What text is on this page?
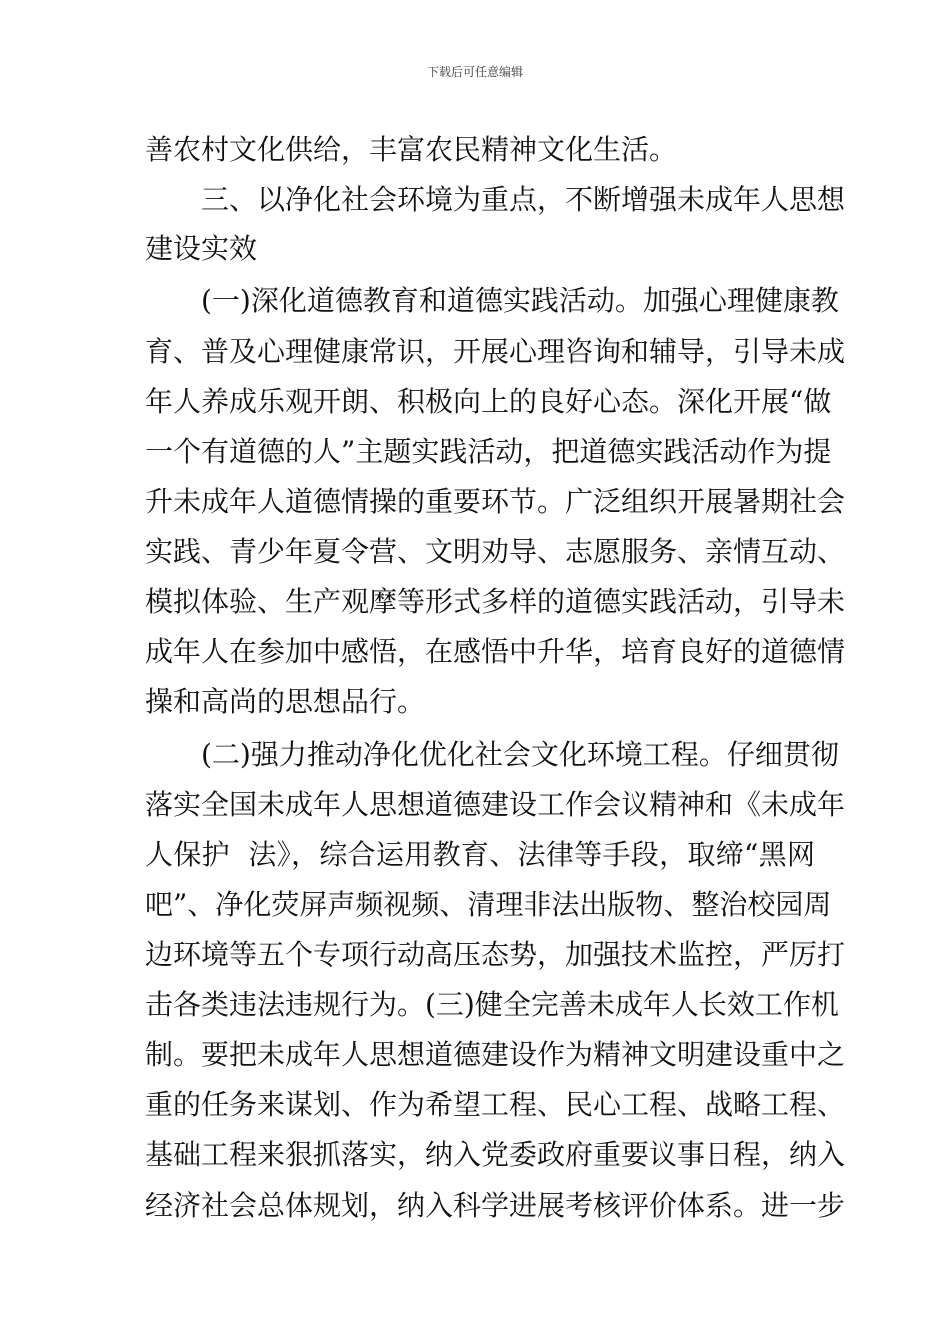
下载后可任意编辑
善农村文化供给，丰富农民精神文化生活。
三、以净化社会环境为重点，不断增强未成年人思想
建设实效
(一)深化道德教育和道德实践活动。加强心理健康教
育、普及心理健康常识，开展心理咨询和辅导，引导未成
年人养成乐观开朗、积极向上的良好心态。深化开展“做
一个有道德的人”主题实践活动，把道德实践活动作为提
升未成年人道德情操的重要环节。广泛组织开展暑期社会
实践、青少年夏令营、文明劝导、志愿服务、亲情互动、
模拟体验、生产观摩等形式多样的道德实践活动，引导未
成年人在参加中感悟，在感悟中升华，培育良好的道德情
操和高尚的思想品行。
(二)强力推动净化优化社会文化环境工程。仔细贯彻
落实全国未成年人思想道德建设工作会议精神和《未成年
人保护  法》，综合运用教育、法律等手段，取缔“黑网
吧”、净化荧屏声频视频、清理非法出版物、整治校园周
边环境等五个专项行动高压态势，加强技术监控，严厉打
击各类违法违规行为。(三)健全完善未成年人长效工作机
制。要把未成年人思想道德建设作为精神文明建设重中之
重的任务来谋划、作为希望工程、民心工程、战略工程、
基础工程来狠抓落实，纳入党委政府重要议事日程，纳入
经济社会总体规划，纳入科学进展考核评价体系。进一步
